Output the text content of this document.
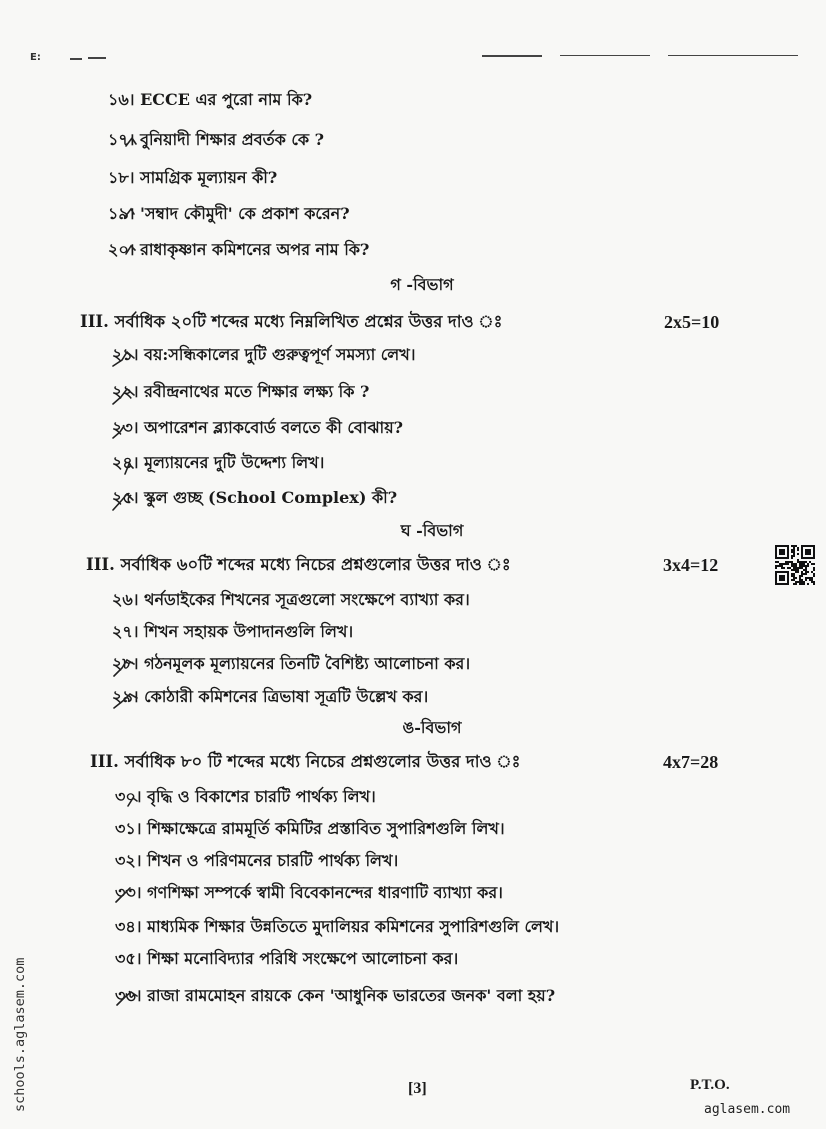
E:
১৬। ECCE এর পুরো নাম কি?
১৭। বুনিয়াদী শিক্ষার প্রবর্তক কে ?
১৮। সামগ্রিক মূল্যায়ন কী?
১৯। 'সম্বাদ কৌমুদী' কে প্রকাশ করেন?
২০। রাধাকৃষ্ণান কমিশনের অপর নাম কি?
গ -বিভাগ
III. সর্বাধিক ২০টি শব্দের মধ্যে নিম্নলিখিত প্রশ্নের উত্তর দাও ঃ	2x5=10
২১। বয়:সন্ধিকালের দুটি গুরুত্বপূর্ণ সমস্যা লেখ।
২২। রবীন্দ্রনাথের মতে শিক্ষার লক্ষ্য কি ?
২৩। অপারেশন ব্ল্যাকবোর্ড বলতে কী বোঝায়?
২৪। মূল্যায়নের দুটি উদ্দেশ্য লিখ।
২৫। স্কুল গুচ্ছ (School Complex) কী?
ঘ -বিভাগ
III. সর্বাধিক ৬০টি শব্দের মধ্যে নিচের প্রশ্নগুলোর উত্তর দাও ঃ	3x4=12
২৬। থর্নডাইকের শিখনের সূত্রগুলো সংক্ষেপে ব্যাখ্যা কর।
২৭। শিখন সহায়ক উপাদানগুলি লিখ।
২৮। গঠনমূলক মূল্যায়নের তিনটি বৈশিষ্ট্য আলোচনা কর।
২৯। কোঠারী কমিশনের ত্রিভাষা সূত্রটি উল্লেখ কর।
ঙ-বিভাগ
III. সর্বাধিক ৮০ টি শব্দের মধ্যে নিচের প্রশ্নগুলোর উত্তর দাও ঃ	4x7=28
৩০। বৃদ্ধি ও বিকাশের চারটি পার্থক্য লিখ।
৩১। শিক্ষাক্ষেত্রে রামমূর্তি কমিটির প্রস্তাবিত সুপারিশগুলি লিখ।
৩২। শিখন ও পরিণমনের চারটি পার্থক্য লিখ।
৩৩। গণশিক্ষা সম্পর্কে স্বামী বিবেকানন্দের ধারণাটি ব্যাখ্যা কর।
৩৪। মাধ্যমিক শিক্ষার উন্নতিতে মুদালিয়র কমিশনের সুপারিশগুলি লেখ।
৩৫। শিক্ষা মনোবিদ্যার পরিধি সংক্ষেপে আলোচনা কর।
৩৬। রাজা রামমোহন রায়কে কেন 'আধুনিক ভারতের জনক' বলা হয়?
[3]	P.T.O.
schools.aglasem.com	aglasem.com
